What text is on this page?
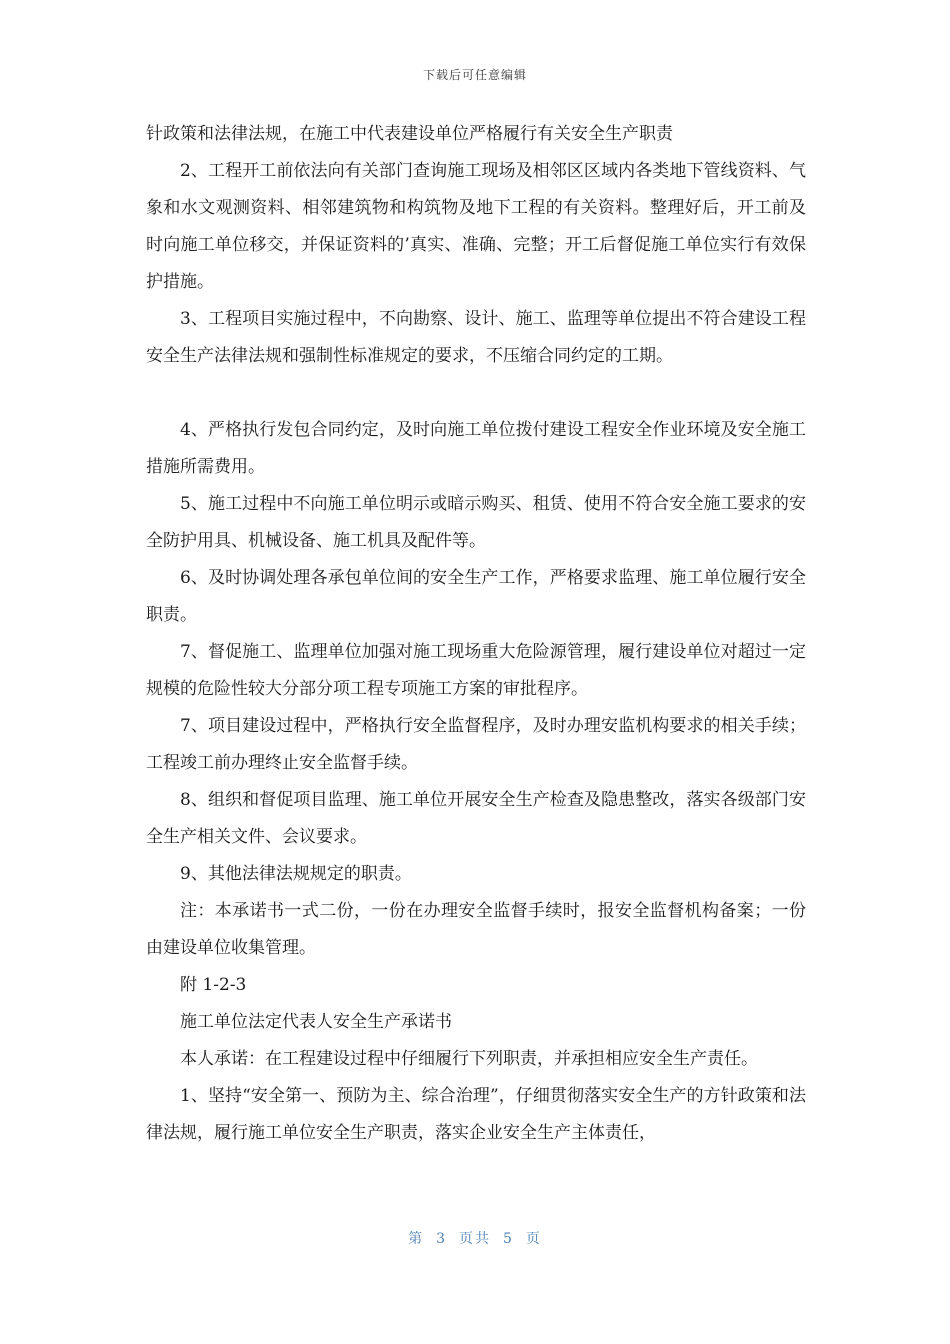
下载后可任意编辑

针政策和法律法规，在施工中代表建设单位严格履行有关安全生产职责

2、工程开工前依法向有关部门查询施工现场及相邻区区域内各类地下管线资料、气象和水文观测资料、相邻建筑物和构筑物及地下工程的有关资料。整理好后，开工前及时向施工单位移交，并保证资料的’真实、准确、完整；开工后督促施工单位实行有效保护措施。

3、工程项目实施过程中，不向勘察、设计、施工、监理等单位提出不符合建设工程安全生产法律法规和强制性标准规定的要求，不压缩合同约定的工期。

4、严格执行发包合同约定，及时向施工单位拨付建设工程安全作业环境及安全施工措施所需费用。

5、施工过程中不向施工单位明示或暗示购买、租赁、使用不符合安全施工要求的安全防护用具、机械设备、施工机具及配件等。

6、及时协调处理各承包单位间的安全生产工作，严格要求监理、施工单位履行安全职责。

7、督促施工、监理单位加强对施工现场重大危险源管理，履行建设单位对超过一定规模的危险性较大分部分项工程专项施工方案的审批程序。

7、项目建设过程中，严格执行安全监督程序，及时办理安监机构要求的相关手续；工程竣工前办理终止安全监督手续。

8、组织和督促项目监理、施工单位开展安全生产检查及隐患整改，落实各级部门安全生产相关文件、会议要求。

9、其他法律法规规定的职责。

注：本承诺书一式二份，一份在办理安全监督手续时，报安全监督机构备案；一份由建设单位收集管理。

附 1-2-3

施工单位法定代表人安全生产承诺书

本人承诺：在工程建设过程中仔细履行下列职责，并承担相应安全生产责任。

1、坚持“安全第一、预防为主、综合治理”，仔细贯彻落实安全生产的方针政策和法律法规，履行施工单位安全生产职责，落实企业安全生产主体责任，

第 3 页共 5 页
